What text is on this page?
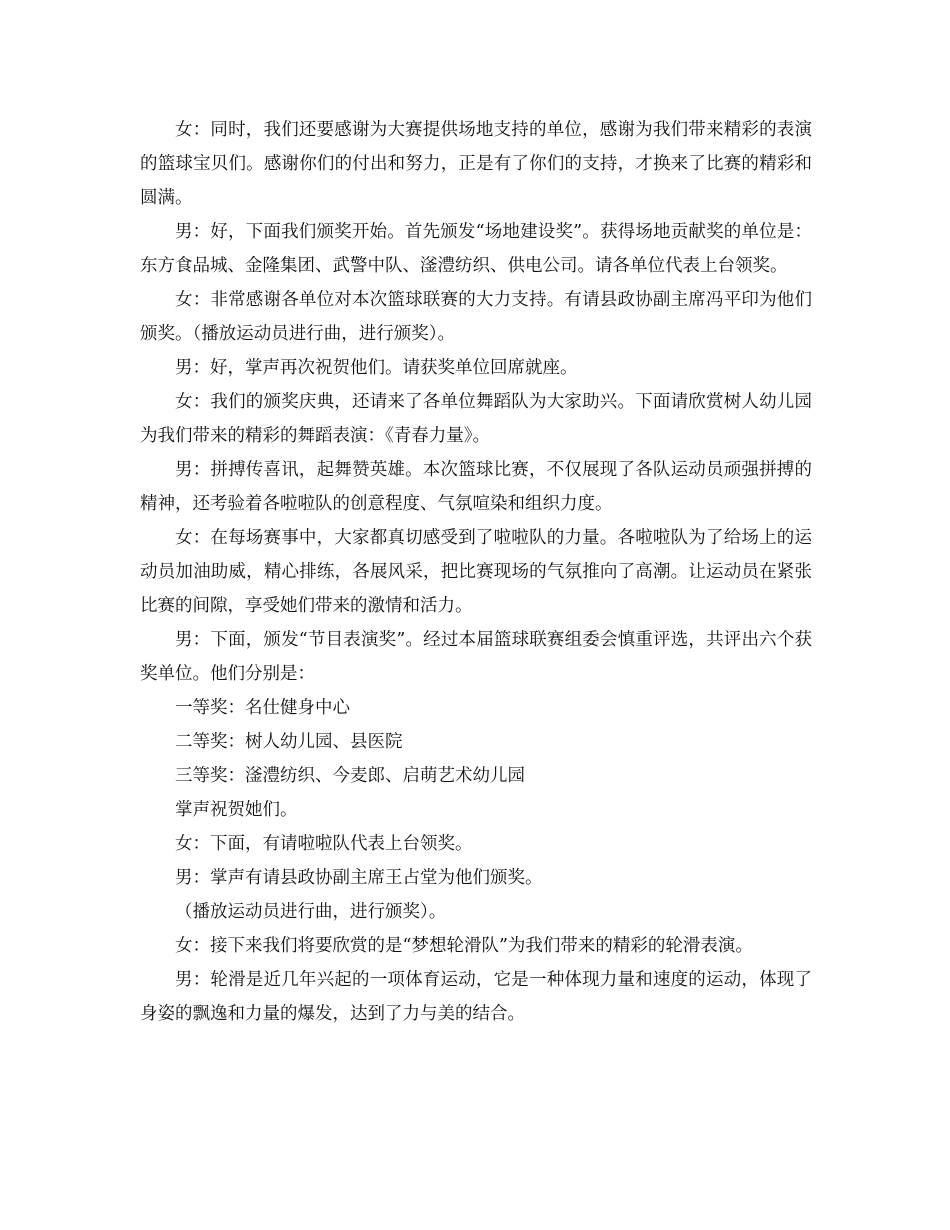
女：同时，我们还要感谢为大赛提供场地支持的单位，感谢为我们带来精彩的表演的篮球宝贝们。感谢你们的付出和努力，正是有了你们的支持，才换来了比赛的精彩和圆满。

男：好，下面我们颁奖开始。首先颁发“场地建设奖”。获得场地贡献奖的单位是：东方食品城、金隆集团、武警中队、滏澧纺织、供电公司。请各单位代表上台领奖。

女：非常感谢各单位对本次篮球联赛的大力支持。有请县政协副主席冯平印为他们颁奖。（播放运动员进行曲，进行颁奖）。

男：好，掌声再次祝贺他们。请获奖单位回席就座。

女：我们的颁奖庆典，还请来了各单位舞蹈队为大家助兴。下面请欣赏树人幼儿园为我们带来的精彩的舞蹈表演：《青春力量》。

男：拼搏传喜讯，起舞赞英雄。本次篮球比赛，不仅展现了各队运动员顽强拼搏的精神，还考验着各啦啦队的创意程度、气氛喧染和组织力度。

女：在每场赛事中，大家都真切感受到了啦啦队的力量。各啦啦队为了给场上的运动员加油助威，精心排练，各展风采，把比赛现场的气氛推向了高潮。让运动员在紧张比赛的间隙，享受她们带来的激情和活力。

男：下面，颁发“节目表演奖”。经过本届篮球联赛组委会慎重评选，共评出六个获奖单位。他们分别是：

一等奖：名仕健身中心

二等奖：树人幼儿园、县医院

三等奖：滏澧纺织、今麦郎、启萌艺术幼儿园

掌声祝贺她们。

女：下面，有请啦啦队代表上台领奖。

男：掌声有请县政协副主席王占堂为他们颁奖。

（播放运动员进行曲，进行颁奖）。

女：接下来我们将要欣赏的是“梦想轮滑队”为我们带来的精彩的轮滑表演。

男：轮滑是近几年兴起的一项体育运动，它是一种体现力量和速度的运动，体现了身姿的飘逸和力量的爆发，达到了力与美的结合。
